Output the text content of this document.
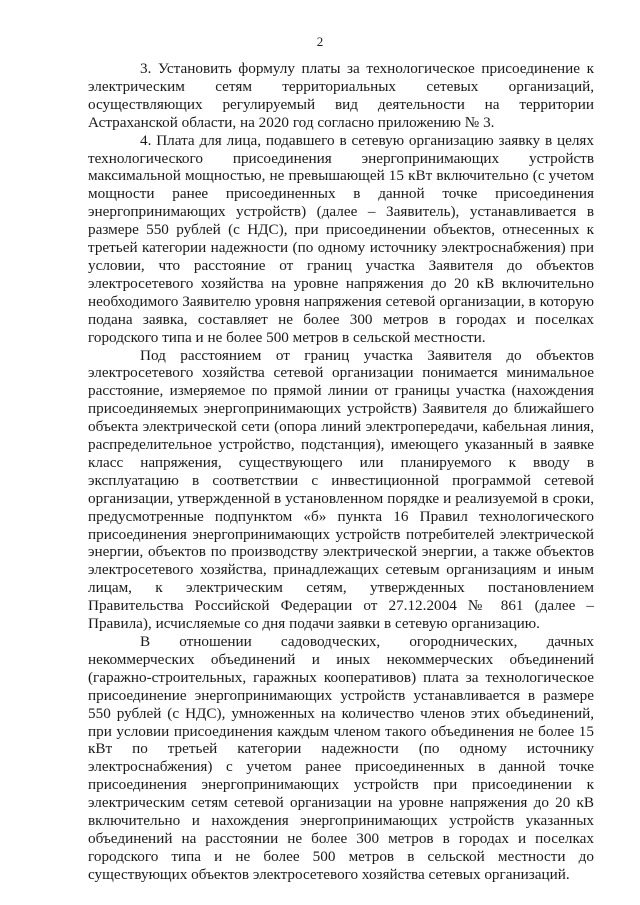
2

3. Установить формулу платы за технологическое присоединение к электрическим сетям территориальных сетевых организаций, осуществляющих регулируемый вид деятельности на территории Астраханской области, на 2020 год согласно приложению № 3.

4. Плата для лица, подавшего в сетевую организацию заявку в целях технологического присоединения энергопринимающих устройств максимальной мощностью, не превышающей 15 кВт включительно (с учетом мощности ранее присоединенных в данной точке присоединения энергопринимающих устройств) (далее – Заявитель), устанавливается в размере 550 рублей (с НДС), при присоединении объектов, отнесенных к третьей категории надежности (по одному источнику электроснабжения) при условии, что расстояние от границ участка Заявителя до объектов электросетевого хозяйства на уровне напряжения до 20 кВ включительно необходимого Заявителю уровня напряжения сетевой организации, в которую подана заявка, составляет не более 300 метров в городах и поселках городского типа и не более 500 метров в сельской местности.

Под расстоянием от границ участка Заявителя до объектов электросетевого хозяйства сетевой организации понимается минимальное расстояние, измеряемое по прямой линии от границы участка (нахождения присоединяемых энергопринимающих устройств) Заявителя до ближайшего объекта электрической сети (опора линий электропередачи, кабельная линия, распределительное устройство, подстанция), имеющего указанный в заявке класс напряжения, существующего или планируемого к вводу в эксплуатацию в соответствии с инвестиционной программой сетевой организации, утвержденной в установленном порядке и реализуемой в сроки, предусмотренные подпунктом «б» пункта 16 Правил технологического присоединения энергопринимающих устройств потребителей электрической энергии, объектов по производству электрической энергии, а также объектов электросетевого хозяйства, принадлежащих сетевым организациям и иным лицам, к электрическим сетям, утвержденных постановлением Правительства Российской Федерации от 27.12.2004 № 861 (далее – Правила), исчисляемые со дня подачи заявки в сетевую организацию.

В отношении садоводческих, огороднических, дачных некоммерческих объединений и иных некоммерческих объединений (гаражно-строительных, гаражных кооперативов) плата за технологическое присоединение энергопринимающих устройств устанавливается в размере 550 рублей (с НДС), умноженных на количество членов этих объединений, при условии присоединения каждым членом такого объединения не более 15 кВт по третьей категории надежности (по одному источнику электроснабжения) с учетом ранее присоединенных в данной точке присоединения энергопринимающих устройств при присоединении к электрическим сетям сетевой организации на уровне напряжения до 20 кВ включительно и нахождения энергопринимающих устройств указанных объединений на расстоянии не более 300 метров в городах и поселках городского типа и не более 500 метров в сельской местности до существующих объектов электросетевого хозяйства сетевых организаций.
